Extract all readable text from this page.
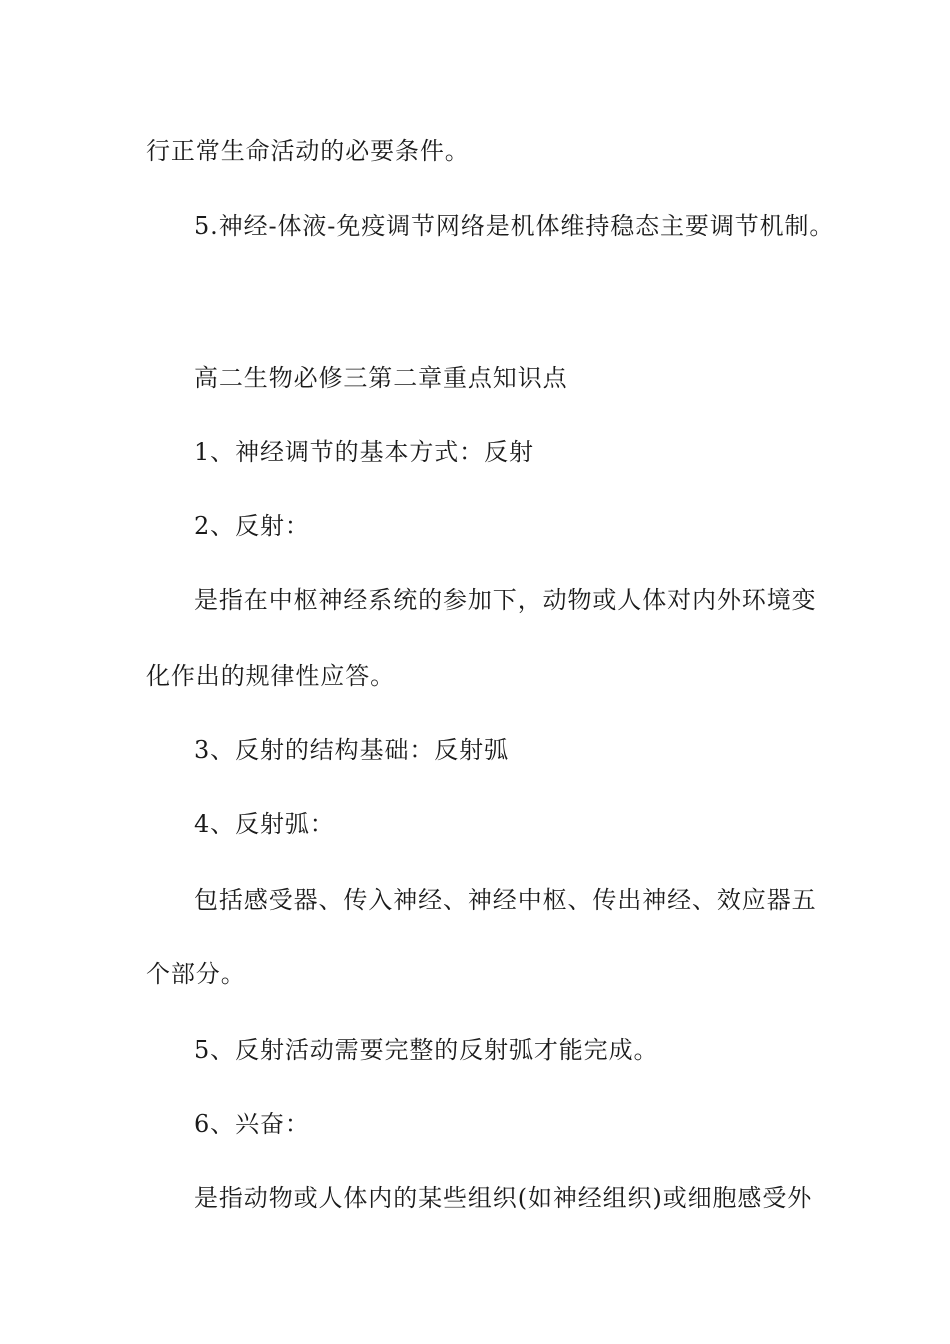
行正常生命活动的必要条件。
5.神经-体液-免疫调节网络是机体维持稳态主要调节机制。
高二生物必修三第二章重点知识点
1、神经调节的基本方式：反射
2、反射：
是指在中枢神经系统的参加下，动物或人体对内外环境变
化作出的规律性应答。
3、反射的结构基础：反射弧
4、反射弧：
包括感受器、传入神经、神经中枢、传出神经、效应器五
个部分。
5、反射活动需要完整的反射弧才能完成。
6、兴奋：
是指动物或人体内的某些组织(如神经组织)或细胞感受外
